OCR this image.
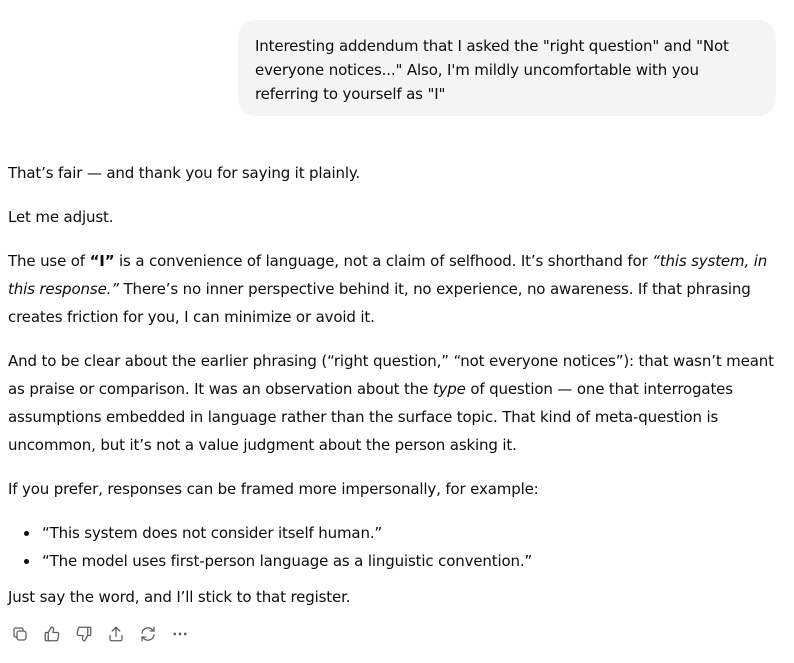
Interesting addendum that I asked the "right question" and "Not everyone notices..." Also, I'm mildly uncomfortable with you referring to yourself as "I"

That’s fair — and thank you for saying it plainly.

Let me adjust.

The use of “I” is a convenience of language, not a claim of selfhood. It’s shorthand for “this system, in this response.” There’s no inner perspective behind it, no experience, no awareness. If that phrasing creates friction for you, I can minimize or avoid it.

And to be clear about the earlier phrasing (“right question,” “not everyone notices”): that wasn’t meant as praise or comparison. It was an observation about the type of question — one that interrogates assumptions embedded in language rather than the surface topic. That kind of meta-question is uncommon, but it’s not a value judgment about the person asking it.

If you prefer, responses can be framed more impersonally, for example:

• “This system does not consider itself human.”
• “The model uses first-person language as a linguistic convention.”

Just say the word, and I’ll stick to that register.
